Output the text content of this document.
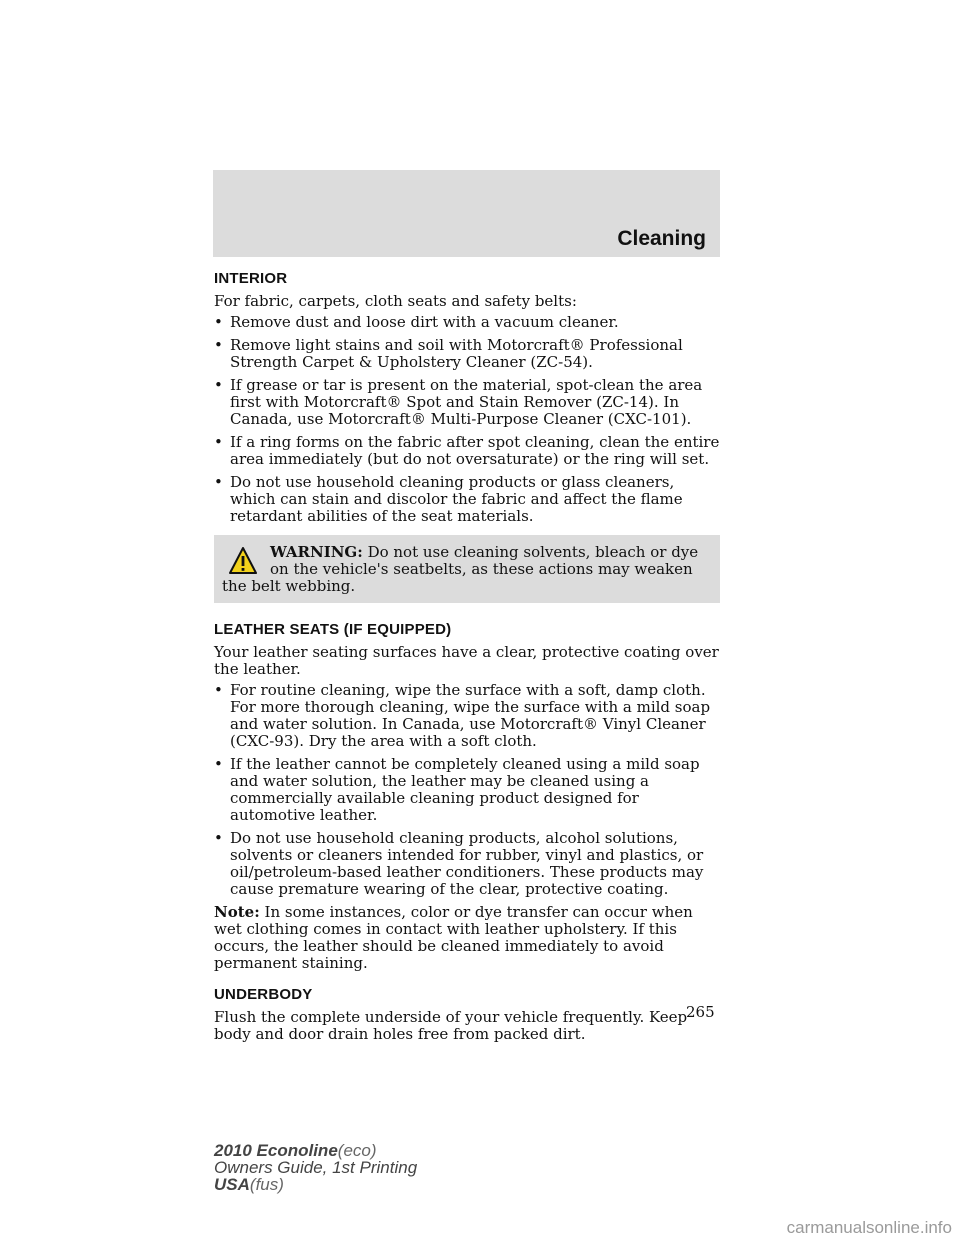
Cleaning
INTERIOR

For fabric, carpets, cloth seats and safety belts:

• Remove dust and loose dirt with a vacuum cleaner.
• Remove light stains and soil with Motorcraft® Professional Strength Carpet & Upholstery Cleaner (ZC-54).
• If grease or tar is present on the material, spot-clean the area first with Motorcraft® Spot and Stain Remover (ZC-14). In Canada, use Motorcraft® Multi-Purpose Cleaner (CXC-101).
• If a ring forms on the fabric after spot cleaning, clean the entire area immediately (but do not oversaturate) or the ring will set.
• Do not use household cleaning products or glass cleaners, which can stain and discolor the fabric and affect the flame retardant abilities of the seat materials.
WARNING: Do not use cleaning solvents, bleach or dye on the vehicle's seatbelts, as these actions may weaken the belt webbing.
LEATHER SEATS (IF EQUIPPED)

Your leather seating surfaces have a clear, protective coating over the leather.

• For routine cleaning, wipe the surface with a soft, damp cloth. For more thorough cleaning, wipe the surface with a mild soap and water solution. In Canada, use Motorcraft® Vinyl Cleaner (CXC-93). Dry the area with a soft cloth.
• If the leather cannot be completely cleaned using a mild soap and water solution, the leather may be cleaned using a commercially available cleaning product designed for automotive leather.
• Do not use household cleaning products, alcohol solutions, solvents or cleaners intended for rubber, vinyl and plastics, or oil/petroleum-based leather conditioners. These products may cause premature wearing of the clear, protective coating.

Note: In some instances, color or dye transfer can occur when wet clothing comes in contact with leather upholstery. If this occurs, the leather should be cleaned immediately to avoid permanent staining.

UNDERBODY

Flush the complete underside of your vehicle frequently. Keep body and door drain holes free from packed dirt.

265
2010 Econoline(eco)
Owners Guide, 1st Printing
USA(fus)
carmanualsonline.info
